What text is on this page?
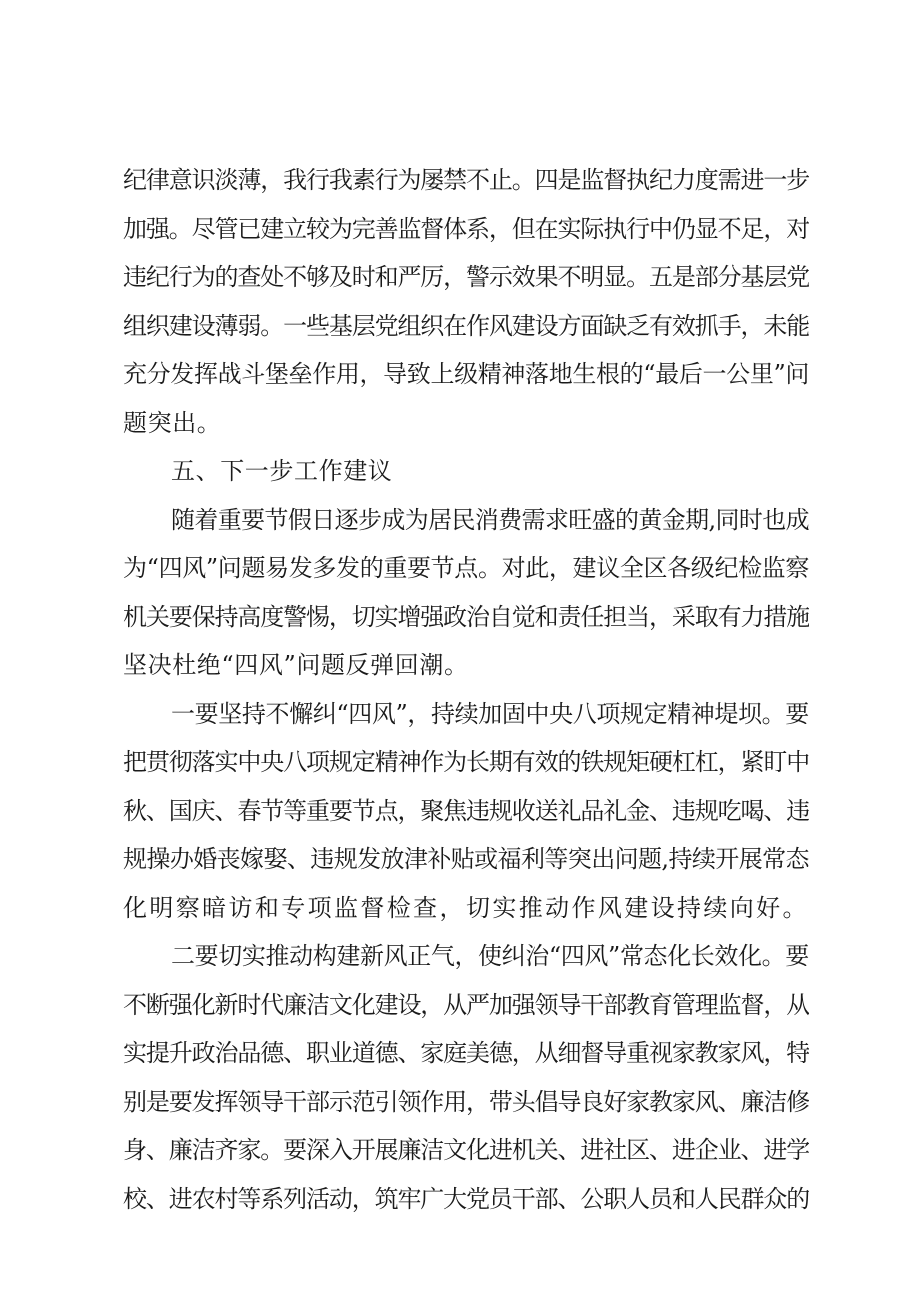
纪律意识淡薄，我行我素行为屡禁不止。四是监督执纪力度需进一步
加强。尽管已建立较为完善监督体系，但在实际执行中仍显不足，对
违纪行为的查处不够及时和严厉，警示效果不明显。五是部分基层党
组织建设薄弱。一些基层党组织在作风建设方面缺乏有效抓手，未能
充分发挥战斗堡垒作用，导致上级精神落地生根的“最后一公里”问
题突出。
五、下一步工作建议
随着重要节假日逐步成为居民消费需求旺盛的黄金期,同时也成
为“四风”问题易发多发的重要节点。对此，建议全区各级纪检监察
机关要保持高度警惕，切实增强政治自觉和责任担当，采取有力措施
坚决杜绝“四风”问题反弹回潮。
一要坚持不懈纠“四风”，持续加固中央八项规定精神堤坝。要
把贯彻落实中央八项规定精神作为长期有效的铁规矩硬杠杠，紧盯中
秋、国庆、春节等重要节点，聚焦违规收送礼品礼金、违规吃喝、违
规操办婚丧嫁娶、违规发放津补贴或福利等突出问题,持续开展常态
化明察暗访和专项监督检查，切实推动作风建设持续向好。
二要切实推动构建新风正气，使纠治“四风”常态化长效化。要
不断强化新时代廉洁文化建设，从严加强领导干部教育管理监督，从
实提升政治品德、职业道德、家庭美德，从细督导重视家教家风，特
别是要发挥领导干部示范引领作用，带头倡导良好家教家风、廉洁修
身、廉洁齐家。要深入开展廉洁文化进机关、进社区、进企业、进学
校、进农村等系列活动，筑牢广大党员干部、公职人员和人民群众的
